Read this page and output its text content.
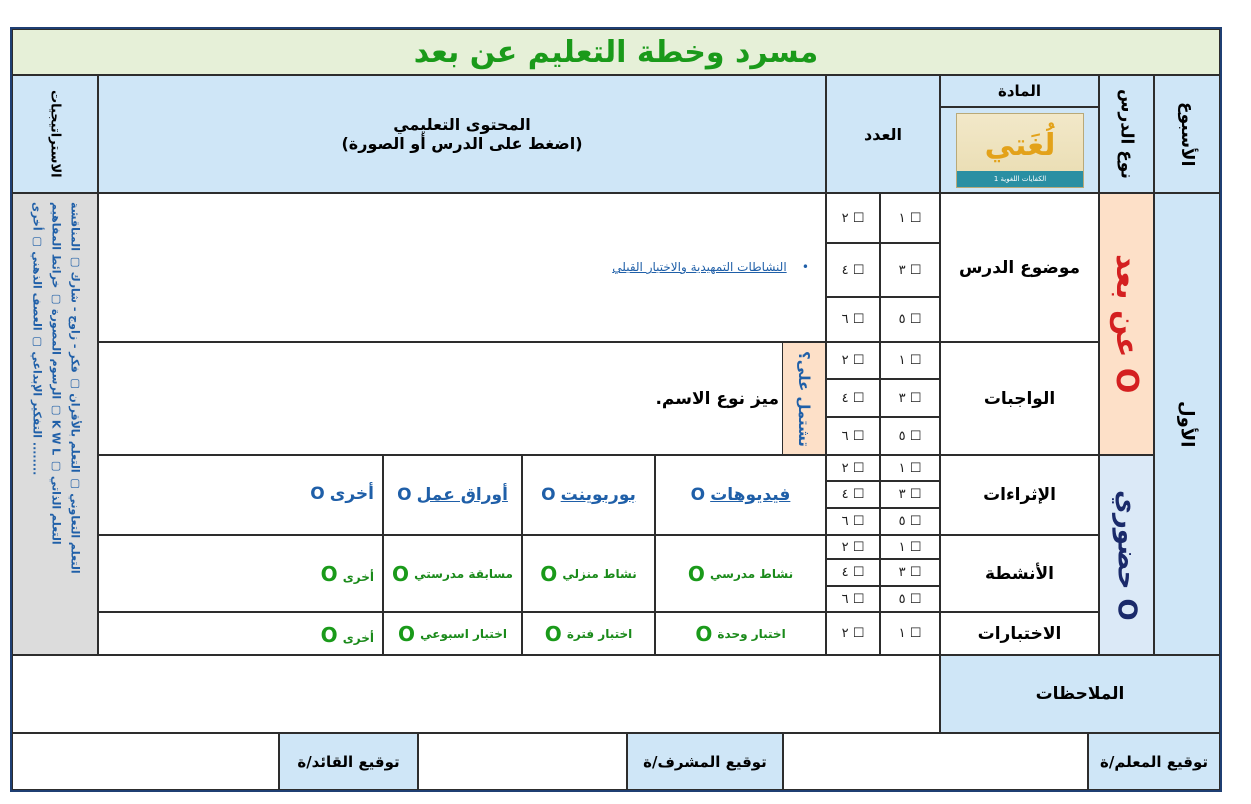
مسرد وخطة التعليم عن بعد
الأسبوع
نوع الدرس
المادة
لُغَتي
الكفايات اللغوية 1
العدد
المحتوى التعليمي
(اضغط على الدرس أو الصورة)
الاستراتيجيات
الأول
عن بعد O
حضوري O
موضوع الدرس
الواجبات
الإثراءات
الأنشطة
الاختبارات
١
☐
٢
☐
٣
☐
٤
☐
٥
☐
٦
☐
١
☐
٢
☐
٣
☐
٤
☐
٥
☐
٦
☐
١
☐
٢
☐
٣
☐
٤
☐
٥
☐
٦
☐
١
☐
٢
☐
٣
☐
٤
☐
٥
☐
٦
☐
١
☐
٢
☐
•    النشاطات التمهيدية والاختبار القبلي
ميز نوع الاسم. تشتمل على؟
فيديوهات

O
بوربوينت

O
أوراق عمل

O
أخرى O
نشاط مدرسي

O
نشاط منزلي

O
مسابقة مدرستي

O
أخرى O
اختبار وحدة

O
اختبار فترة

O
اختبار اسبوعي

O
أخرى O
التعلم التعاوني ▢ التعلم بالأقران ▢ فكر - زاوج - شارك ▢ المناقشة
الرسوم المصورة ▢ خرائط المفاهيم ▢ K W L ▢ التعلم الذاتي
التفكير الإبداعي ▢ العصف الذهني ▢ أخرى ........
الملاحظات
توقيع المعلم/ة
توقيع المشرف/ة
توقيع القائد/ة
